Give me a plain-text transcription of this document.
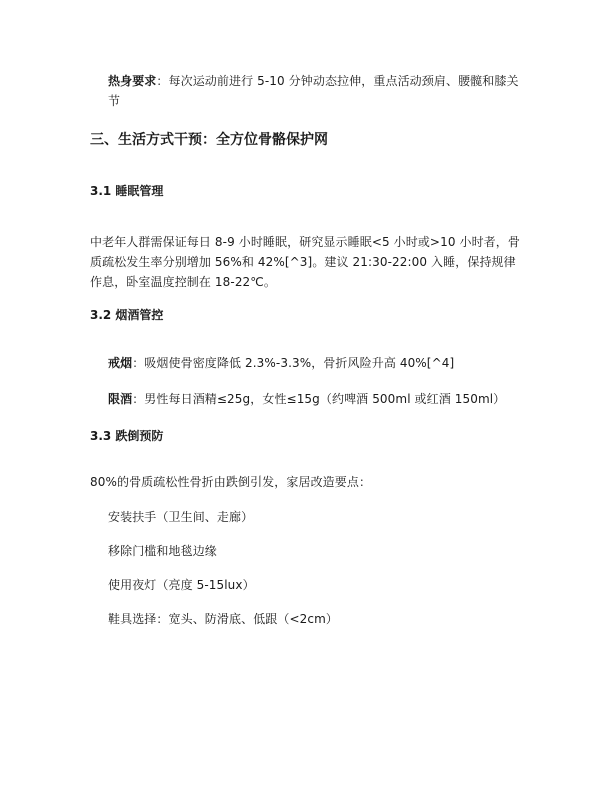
热身要求：每次运动前进行 5-10 分钟动态拉伸，重点活动颈肩、腰髋和膝关节
三、生活方式干预：全方位骨骼保护网
3.1 睡眠管理
中老年人群需保证每日 8-9 小时睡眠，研究显示睡眠<5 小时或>10 小时者，骨质疏松发生率分别增加 56%和 42%[^3]。建议 21:30-22:00 入睡，保持规律作息，卧室温度控制在 18-22℃。
3.2 烟酒管控
戒烟：吸烟使骨密度降低 2.3%-3.3%，骨折风险升高 40%[^4]
限酒：男性每日酒精≤25g，女性≤15g（约啤酒 500ml 或红酒 150ml）
3.3 跌倒预防
80%的骨质疏松性骨折由跌倒引发，家居改造要点：
安装扶手（卫生间、走廊）
移除门槛和地毯边缘
使用夜灯（亮度 5-15lux）
鞋具选择：宽头、防滑底、低跟（<2cm）
